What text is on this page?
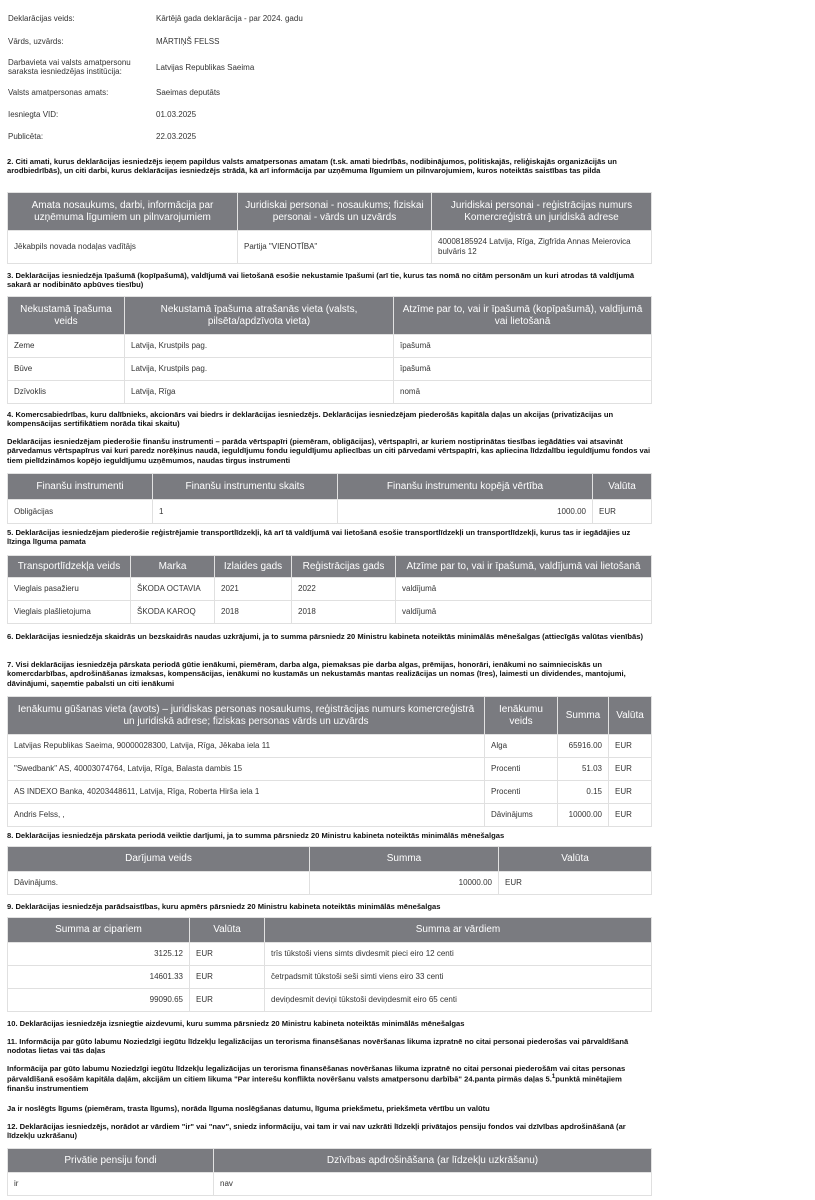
Deklarācijas veids:	Kārtējā gada deklarācija - par 2024. gadu
Vārds, uzvārds:	MĀRTIŅŠ FELSS
Darbavieta vai valsts amatpersonu saraksta iesniedzējas institūcija:	Latvijas Republikas Saeima
Valsts amatpersonas amats:	Saeimas deputāts
Iesniegta VID:	01.03.2025
Publicēta:	22.03.2025
2. Citi amati, kurus deklarācijas iesniedzējs ieņem papildus valsts amatpersonas amatam (t.sk. amati biedrībās, nodibinājumos, politiskajās, reliģiskajās organizācijās un arodbiedrībās), un citi darbi, kurus deklarācijas iesniedzējs strādā, kā arī informācija par uzņēmuma līgumiem un pilnvarojumiem, kuros noteiktās saistības tas pilda
Amata nosaukums, darbi, informācija par uzņēmuma līgumiem un pilnvarojumiem	Juridiskai personai - nosaukums; fiziskai personai - vārds un uzvārds	Juridiskai personai - reģistrācijas numurs Komercreģistrā un juridiskā adrese
Jēkabpils novada nodaļas vadītājs	Partija "VIENOTĪBA"	40008185924 Latvija, Rīga, Zigfrīda Annas Meierovica bulvāris 12
3. Deklarācijas iesniedzēja īpašumā (kopīpašumā), valdījumā vai lietošanā esošie nekustamie īpašumi (arī tie, kurus tas nomā no citām personām un kuri atrodas tā valdījumā sakarā ar nodibināto apbūves tiesību)
Nekustamā īpašuma veids	Nekustamā īpašuma atrašanās vieta (valsts, pilsēta/apdzīvota vieta)	Atzīme par to, vai ir īpašumā (kopīpašumā), valdījumā vai lietošanā
Zeme	Latvija, Krustpils pag.	īpašumā
Būve	Latvija, Krustpils pag.	īpašumā
Dzīvoklis	Latvija, Rīga	nomā
4. Komercsabiedrības, kuru dalībnieks, akcionārs vai biedrs ir deklarācijas iesniedzējs. Deklarācijas iesniedzējam piederošās kapitāla daļas un akcijas (privatizācijas un kompensācijas sertifikātiem norāda tikai skaitu)
Deklarācijas iesniedzējam piederošie finanšu instrumenti – parāda vērtspapīri (piemēram, obligācijas), vērtspapīri, ar kuriem nostiprinātas tiesības iegādāties vai atsavināt pārvedamus vērtspapīrus vai kuri paredz norēķinus naudā, ieguldījumu fondu ieguldījumu apliecības un citi pārvedami vērtspapīri, kas apliecina līdzdalību ieguldījumu fondos vai tiem pielīdzināmos kopējo ieguldījumu uzņēmumos, naudas tirgus instrumenti
Finanšu instrumenti	Finanšu instrumentu skaits	Finanšu instrumentu kopējā vērtība	Valūta
Obligācijas	1	1000.00	EUR
5. Deklarācijas iesniedzējam piederošie reģistrējamie transportlīdzekļi, kā arī tā valdījumā vai lietošanā esošie transportlīdzekļi un transportlīdzekļi, kurus tas ir iegādājies uz līzinga līguma pamata
Transportlīdzekļa veids	Marka	Izlaides gads	Reģistrācijas gads	Atzīme par to, vai ir īpašumā, valdījumā vai lietošanā
Vieglais pasažieru	ŠKODA OCTAVIA	2021	2022	valdījumā
Vieglais plašlietojuma	ŠKODA KAROQ	2018	2018	valdījumā
6. Deklarācijas iesniedzēja skaidrās un bezskaidrās naudas uzkrājumi, ja to summa pārsniedz 20 Ministru kabineta noteiktās minimālās mēnešalgas (attiecīgās valūtas vienībās)
7. Visi deklarācijas iesniedzēja pārskata periodā gūtie ienākumi, piemēram, darba alga, piemaksas pie darba algas, prēmijas, honorāri, ienākumi no saimnieciskās un komercdarbības, apdrošināšanas izmaksas, kompensācijas, ienākumi no kustamās un nekustamās mantas realizācijas un nomas (īres), laimesti un dividendes, mantojumi, dāvinājumi, saņemtie pabalsti un citi ienākumi
Ienākumu gūšanas vieta (avots) – juridiskas personas nosaukums, reģistrācijas numurs komercreģistrā un juridiskā adrese; fiziskas personas vārds un uzvārds	Ienākumu veids	Summa	Valūta
Latvijas Republikas Saeima, 90000028300, Latvija, Rīga, Jēkaba iela 11	Alga	65916.00	EUR
"Swedbank" AS, 40003074764, Latvija, Rīga, Balasta dambis 15	Procenti	51.03	EUR
AS INDEXO Banka, 40203448611, Latvija, Rīga, Roberta Hirša iela 1	Procenti	0.15	EUR
Andris Felss, ,	Dāvinājums	10000.00	EUR
8. Deklarācijas iesniedzēja pārskata periodā veiktie darījumi, ja to summa pārsniedz 20 Ministru kabineta noteiktās minimālās mēnešalgas
Darījuma veids	Summa	Valūta
Dāvinājums.	10000.00	EUR
9. Deklarācijas iesniedzēja parādsaistības, kuru apmērs pārsniedz 20 Ministru kabineta noteiktās minimālās mēnešalgas
Summa ar cipariem	Valūta	Summa ar vārdiem
3125.12	EUR	trīs tūkstoši viens simts divdesmit pieci eiro 12 centi
14601.33	EUR	četrpadsmit tūkstoši seši simti viens eiro 33 centi
99090.65	EUR	deviņdesmit deviņi tūkstoši deviņdesmit eiro 65 centi
10. Deklarācijas iesniedzēja izsniegtie aizdevumi, kuru summa pārsniedz 20 Ministru kabineta noteiktās minimālās mēnešalgas
11. Informācija par gūto labumu Noziedzīgi iegūtu līdzekļu legalizācijas un terorisma finansēšanas novēršanas likuma izpratnē no citai personai piederošas vai pārvaldīšanā nodotas lietas vai tās daļas
Informācija par gūto labumu Noziedzīgi iegūtu līdzekļu legalizācijas un terorisma finansēšanas novēršanas likuma izpratnē no citai personai piederošām vai citas personas pārvaldīšanā esošām kapitāla daļām, akcijām un citiem likuma "Par interešu konflikta novēršanu valsts amatpersonu darbībā" 24.panta pirmās daļas 5.$^1$punktā minētajiem finanšu instrumentiem
Ja ir noslēgts līgums (piemēram, trasta līgums), norāda līguma noslēgšanas datumu, līguma priekšmetu, priekšmeta vērtību un valūtu
12. Deklarācijas iesniedzējs, norādot ar vārdiem "ir" vai "nav", sniedz informāciju, vai tam ir vai nav uzkrāti līdzekļi privātajos pensiju fondos vai dzīvības apdrošināšanā (ar līdzekļu uzkrāšanu)
Privātie pensiju fondi	Dzīvības apdrošināšana (ar līdzekļu uzkrāšanu)
ir	nav
